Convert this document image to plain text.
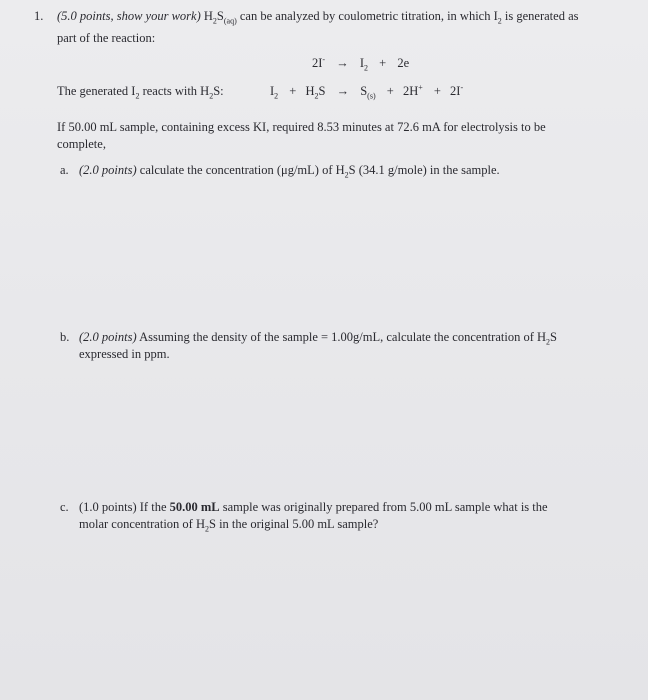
1. (5.0 points, show your work) $H_2S_{(aq)}$ can be analyzed by coulometric titration, in which $I_2$ is generated as
part of the reaction:
$2I^- \to I_2 + 2e$
The generated $I_2$ reacts with $H_2S$:	$I_2 + H_2S \to S_{(s)} + 2H^+ + 2I^-$
If 50.00 mL sample, containing excess KI, required 8.53 minutes at 72.6 mA for electrolysis to be
complete,
a. (2.0 points) calculate the concentration (μg/mL) of $H_2S$ (34.1 g/mole) in the sample.
b. (2.0 points) Assuming the density of the sample = 1.00g/mL, calculate the concentration of $H_2S$
expressed in ppm.
c. (1.0 points) If the 50.00 mL sample was originally prepared from 5.00 mL sample what is the
molar concentration of $H_2S$ in the original 5.00 mL sample?
